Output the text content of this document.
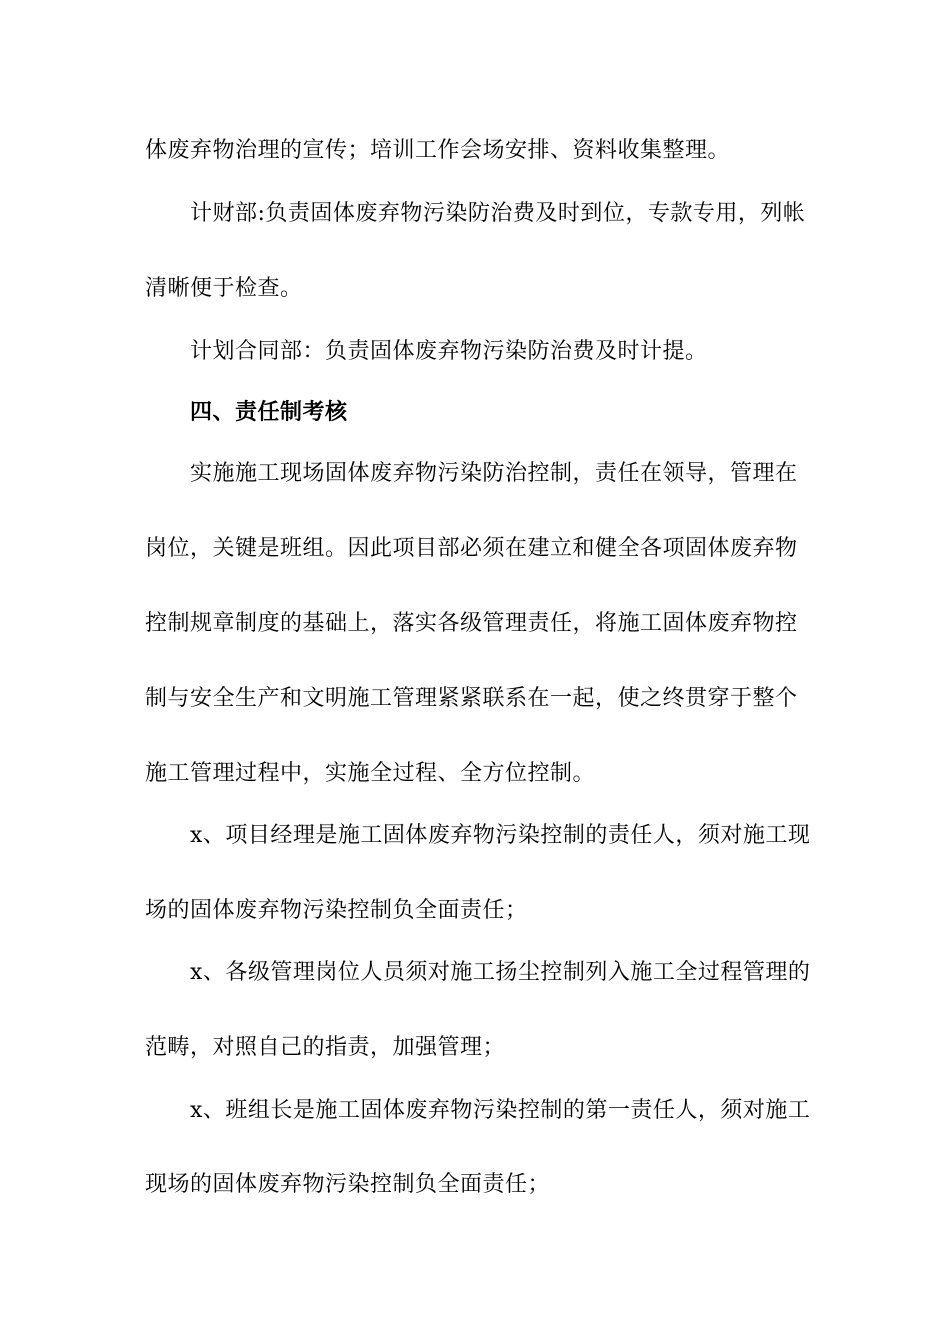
体废弃物治理的宣传；培训工作会场安排、资料收集整理。
计财部:负责固体废弃物污染防治费及时到位，专款专用，列帐
清晰便于检查。
计划合同部：负责固体废弃物污染防治费及时计提。
四、责任制考核
实施施工现场固体废弃物污染防治控制，责任在领导，管理在
岗位，关键是班组。因此项目部必须在建立和健全各项固体废弃物
控制规章制度的基础上，落实各级管理责任，将施工固体废弃物控
制与安全生产和文明施工管理紧紧联系在一起，使之终贯穿于整个
施工管理过程中，实施全过程、全方位控制。
x、项目经理是施工固体废弃物污染控制的责任人，须对施工现
场的固体废弃物污染控制负全面责任；
x、各级管理岗位人员须对施工扬尘控制列入施工全过程管理的
范畴，对照自己的指责，加强管理；
x、班组长是施工固体废弃物污染控制的第一责任人，须对施工
现场的固体废弃物污染控制负全面责任；
